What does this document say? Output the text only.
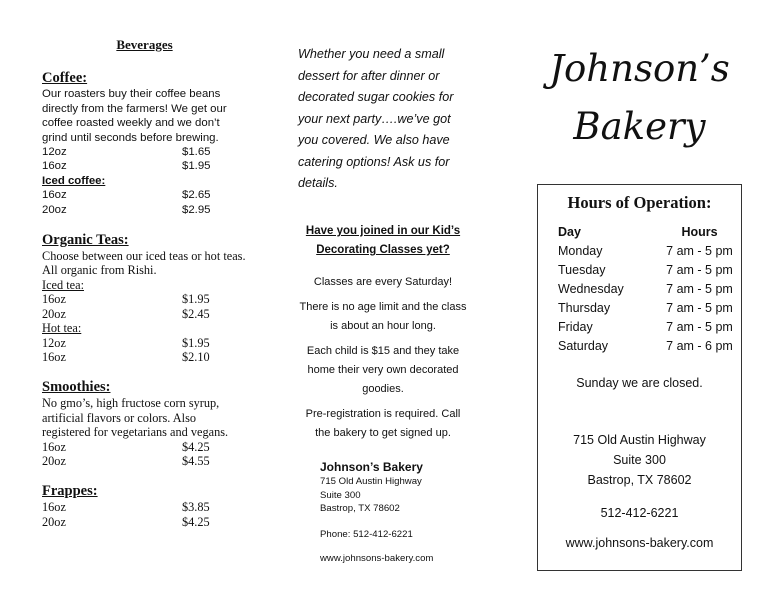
Beverages
Coffee:
Our roasters buy their coffee beans directly from the farmers! We get our coffee roasted weekly and we don’t grind until seconds before brewing.
12oz	$1.65
16oz	$1.95
Iced coffee:
16oz	$2.65
20oz	$2.95
Organic Teas:
Choose between our iced teas or hot teas. All organic from Rishi.
Iced tea:
16oz	$1.95
20oz	$2.45
Hot tea:
12oz	$1.95
16oz	$2.10
Smoothies:
No gmo’s, high fructose corn syrup, artificial flavors or colors. Also registered for vegetarians and vegans.
16oz	$4.25
20oz	$4.55
Frappes:
16oz	$3.85
20oz	$4.25
Whether you need a small dessert for after dinner or decorated sugar cookies for your next party….we’ve got you covered. We also have catering options! Ask us for details.
Have you joined in our Kid’s Decorating Classes yet?

Classes are every Saturday!

There is no age limit and the class is about an hour long.

Each child is $15 and they take home their very own decorated goodies.

Pre-registration is required. Call the bakery to get signed up.

Johnson’s Bakery
715 Old Austin Highway
Suite 300
Bastrop, TX 78602
Phone: 512-412-6221
www.johnsons-bakery.com
Johnson’s
Bakery
Hours of Operation:
Day	Hours
Monday	7 am - 5 pm
Tuesday	7 am - 5 pm
Wednesday	7 am - 5 pm
Thursday	7 am - 5 pm
Friday	7 am - 5 pm
Saturday	7 am - 6 pm
Sunday we are closed.
715 Old Austin Highway
Suite 300
Bastrop, TX 78602
512-412-6221
www.johnsons-bakery.com
